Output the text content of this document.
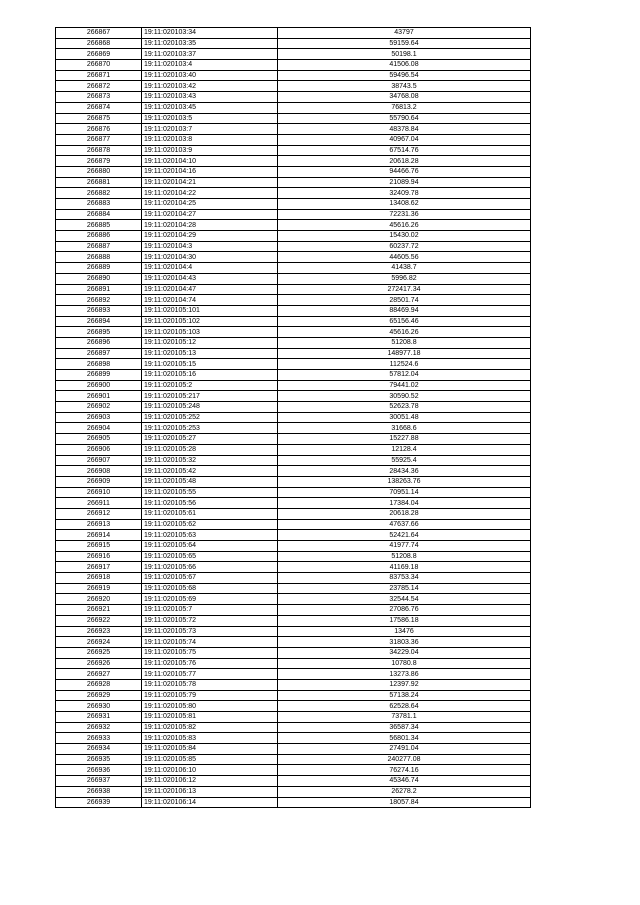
266867	19:11:020103:34	43797
266868	19:11:020103:35	59159.64
266869	19:11:020103:37	50198.1
266870	19:11:020103:4	41506.08
266871	19:11:020103:40	59496.54
266872	19:11:020103:42	38743.5
266873	19:11:020103:43	34768.08
266874	19:11:020103:45	76813.2
266875	19:11:020103:5	55790.64
266876	19:11:020103:7	48378.84
266877	19:11:020103:8	40967.04
266878	19:11:020103:9	67514.76
266879	19:11:020104:10	20618.28
266880	19:11:020104:16	94466.76
266881	19:11:020104:21	21089.94
266882	19:11:020104:22	32409.78
266883	19:11:020104:25	13408.62
266884	19:11:020104:27	72231.36
266885	19:11:020104:28	45616.26
266886	19:11:020104:29	15430.02
266887	19:11:020104:3	60237.72
266888	19:11:020104:30	44605.56
266889	19:11:020104:4	41438.7
266890	19:11:020104:43	5996.82
266891	19:11:020104:47	272417.34
266892	19:11:020104:74	28501.74
266893	19:11:020105:101	88469.94
266894	19:11:020105:102	65156.46
266895	19:11:020105:103	45616.26
266896	19:11:020105:12	51208.8
266897	19:11:020105:13	148977.18
266898	19:11:020105:15	112524.6
266899	19:11:020105:16	57812.04
266900	19:11:020105:2	79441.02
266901	19:11:020105:217	30590.52
266902	19:11:020105:248	52623.78
266903	19:11:020105:252	30051.48
266904	19:11:020105:253	31668.6
266905	19:11:020105:27	15227.88
266906	19:11:020105:28	12128.4
266907	19:11:020105:32	55925.4
266908	19:11:020105:42	28434.36
266909	19:11:020105:48	138263.76
266910	19:11:020105:55	70951.14
266911	19:11:020105:56	17384.04
266912	19:11:020105:61	20618.28
266913	19:11:020105:62	47637.66
266914	19:11:020105:63	52421.64
266915	19:11:020105:64	41977.74
266916	19:11:020105:65	51208.8
266917	19:11:020105:66	41169.18
266918	19:11:020105:67	83753.34
266919	19:11:020105:68	23785.14
266920	19:11:020105:69	32544.54
266921	19:11:020105:7	27086.76
266922	19:11:020105:72	17586.18
266923	19:11:020105:73	13476
266924	19:11:020105:74	31803.36
266925	19:11:020105:75	34229.04
266926	19:11:020105:76	10780.8
266927	19:11:020105:77	13273.86
266928	19:11:020105:78	12397.92
266929	19:11:020105:79	57138.24
266930	19:11:020105:80	62528.64
266931	19:11:020105:81	73781.1
266932	19:11:020105:82	36587.34
266933	19:11:020105:83	56801.34
266934	19:11:020105:84	27491.04
266935	19:11:020105:85	240277.08
266936	19:11:020106:10	76274.16
266937	19:11:020106:12	45346.74
266938	19:11:020106:13	26278.2
266939	19:11:020106:14	18057.84
